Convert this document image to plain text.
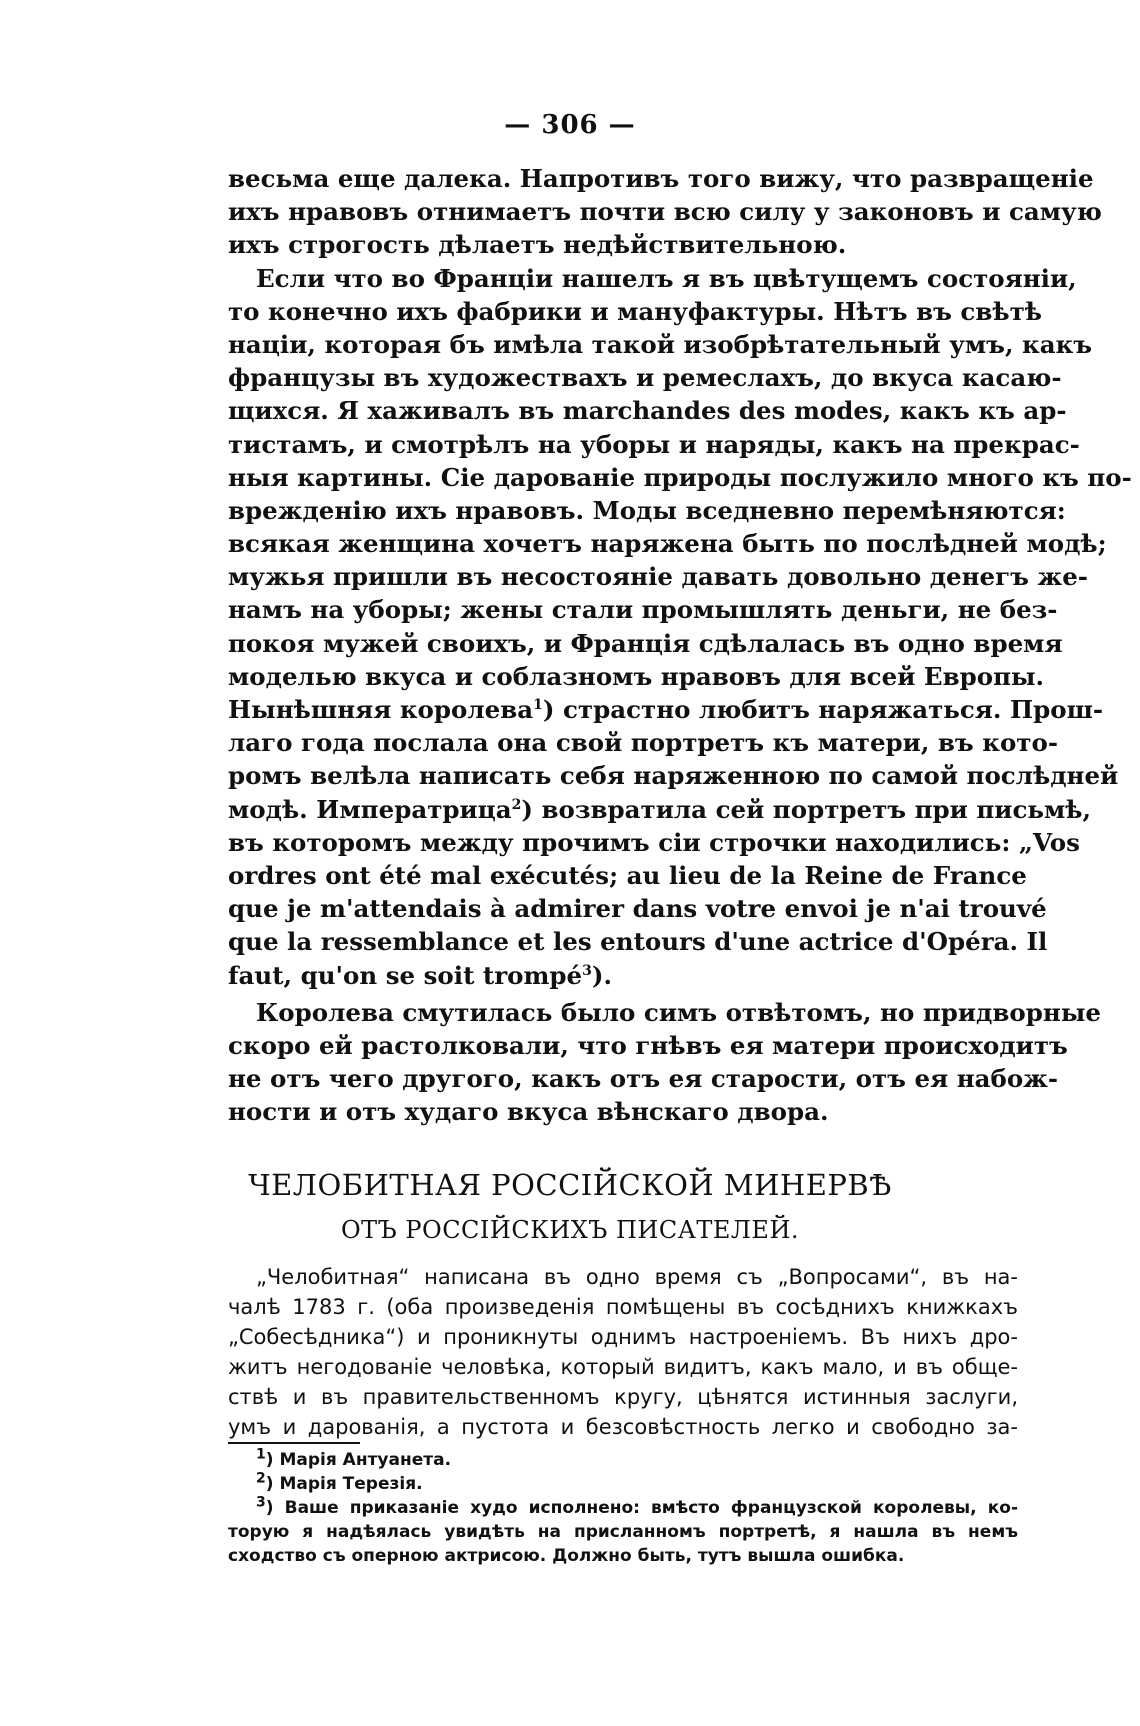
— 306 —
весьма еще далека. Напротивъ того вижу, что развращеніе
ихъ нравовъ отнимаетъ почти всю силу у законовъ и самую
ихъ строгость дѣлаетъ недѣйствительною.
Если что во Франціи нашелъ я въ цвѣтущемъ состояніи,
то конечно ихъ фабрики и мануфактуры. Нѣтъ въ свѣтѣ
націи, которая бъ имѣла такой изобрѣтательный умъ, какъ
французы въ художествахъ и ремеслахъ, до вкуса касаю-
щихся. Я хаживалъ въ marchandes des modes, какъ къ ар-
тистамъ, и смотрѣлъ на уборы и наряды, какъ на прекрас-
ныя картины. Сіе дарованіе природы послужило много къ по-
врежденію ихъ нравовъ. Моды вседневно перемѣняются:
всякая женщина хочетъ наряжена быть по послѣдней модѣ;
мужья пришли въ несостояніе давать довольно денегъ же-
намъ на уборы; жены стали промышлять деньги, не без-
покоя мужей своихъ, и Франція сдѣлалась въ одно время
моделью вкуса и соблазномъ нравовъ для всей Европы.
Нынѣшняя королева$^1$) страстно любитъ наряжаться. Прош-
лаго года послала она свой портретъ къ матери, въ кото-
ромъ велѣла написать себя наряженною по самой послѣдней
модѣ. Императрица$^2$) возвратила сей портретъ при письмѣ,
въ которомъ между прочимъ сіи строчки находились: „Vos
ordres ont été mal exécutés; au lieu de la Reine de France
que je m'attendais à admirer dans votre envoi je n'ai trouvé
que la ressemblance et les entours d'une actrice d'Opéra. Il
faut, qu'on se soit trompé$^3$).
Королева смутилась было симъ отвѣтомъ, но придворные
скоро ей растолковали, что гнѣвъ ея матери происходитъ
не отъ чего другого, какъ отъ ея старости, отъ ея набож-
ности и отъ худаго вкуса вѣнскаго двора.
ЧЕЛОБИТНАЯ РОССІЙСКОЙ МИНЕРВѢ
ОТЪ РОССІЙСКИХЪ ПИСАТЕЛЕЙ.
„Челобитная“ написана въ одно время съ „Вопросами“, въ на-
чалѣ 1783 г. (оба произведенія помѣщены въ сосѣднихъ книжкахъ
„Собесѣдника“) и проникнуты однимъ настроеніемъ. Въ нихъ дро-
житъ негодованіе человѣка, который видитъ, какъ мало, и въ обще-
ствѣ и въ правительственномъ кругу, цѣнятся истинныя заслуги,
умъ и дарованія, а пустота и безсовѣстность легко и свободно за-
$^1$) Марія Антуанета.
$^2$) Марія Терезія.
$^3$) Ваше приказаніе худо исполнено: вмѣсто французской королевы, ко-
торую я надѣялась увидѣть на присланномъ портретѣ, я нашла въ немъ
сходство съ оперною актрисою. Должно быть, тутъ вышла ошибка.
